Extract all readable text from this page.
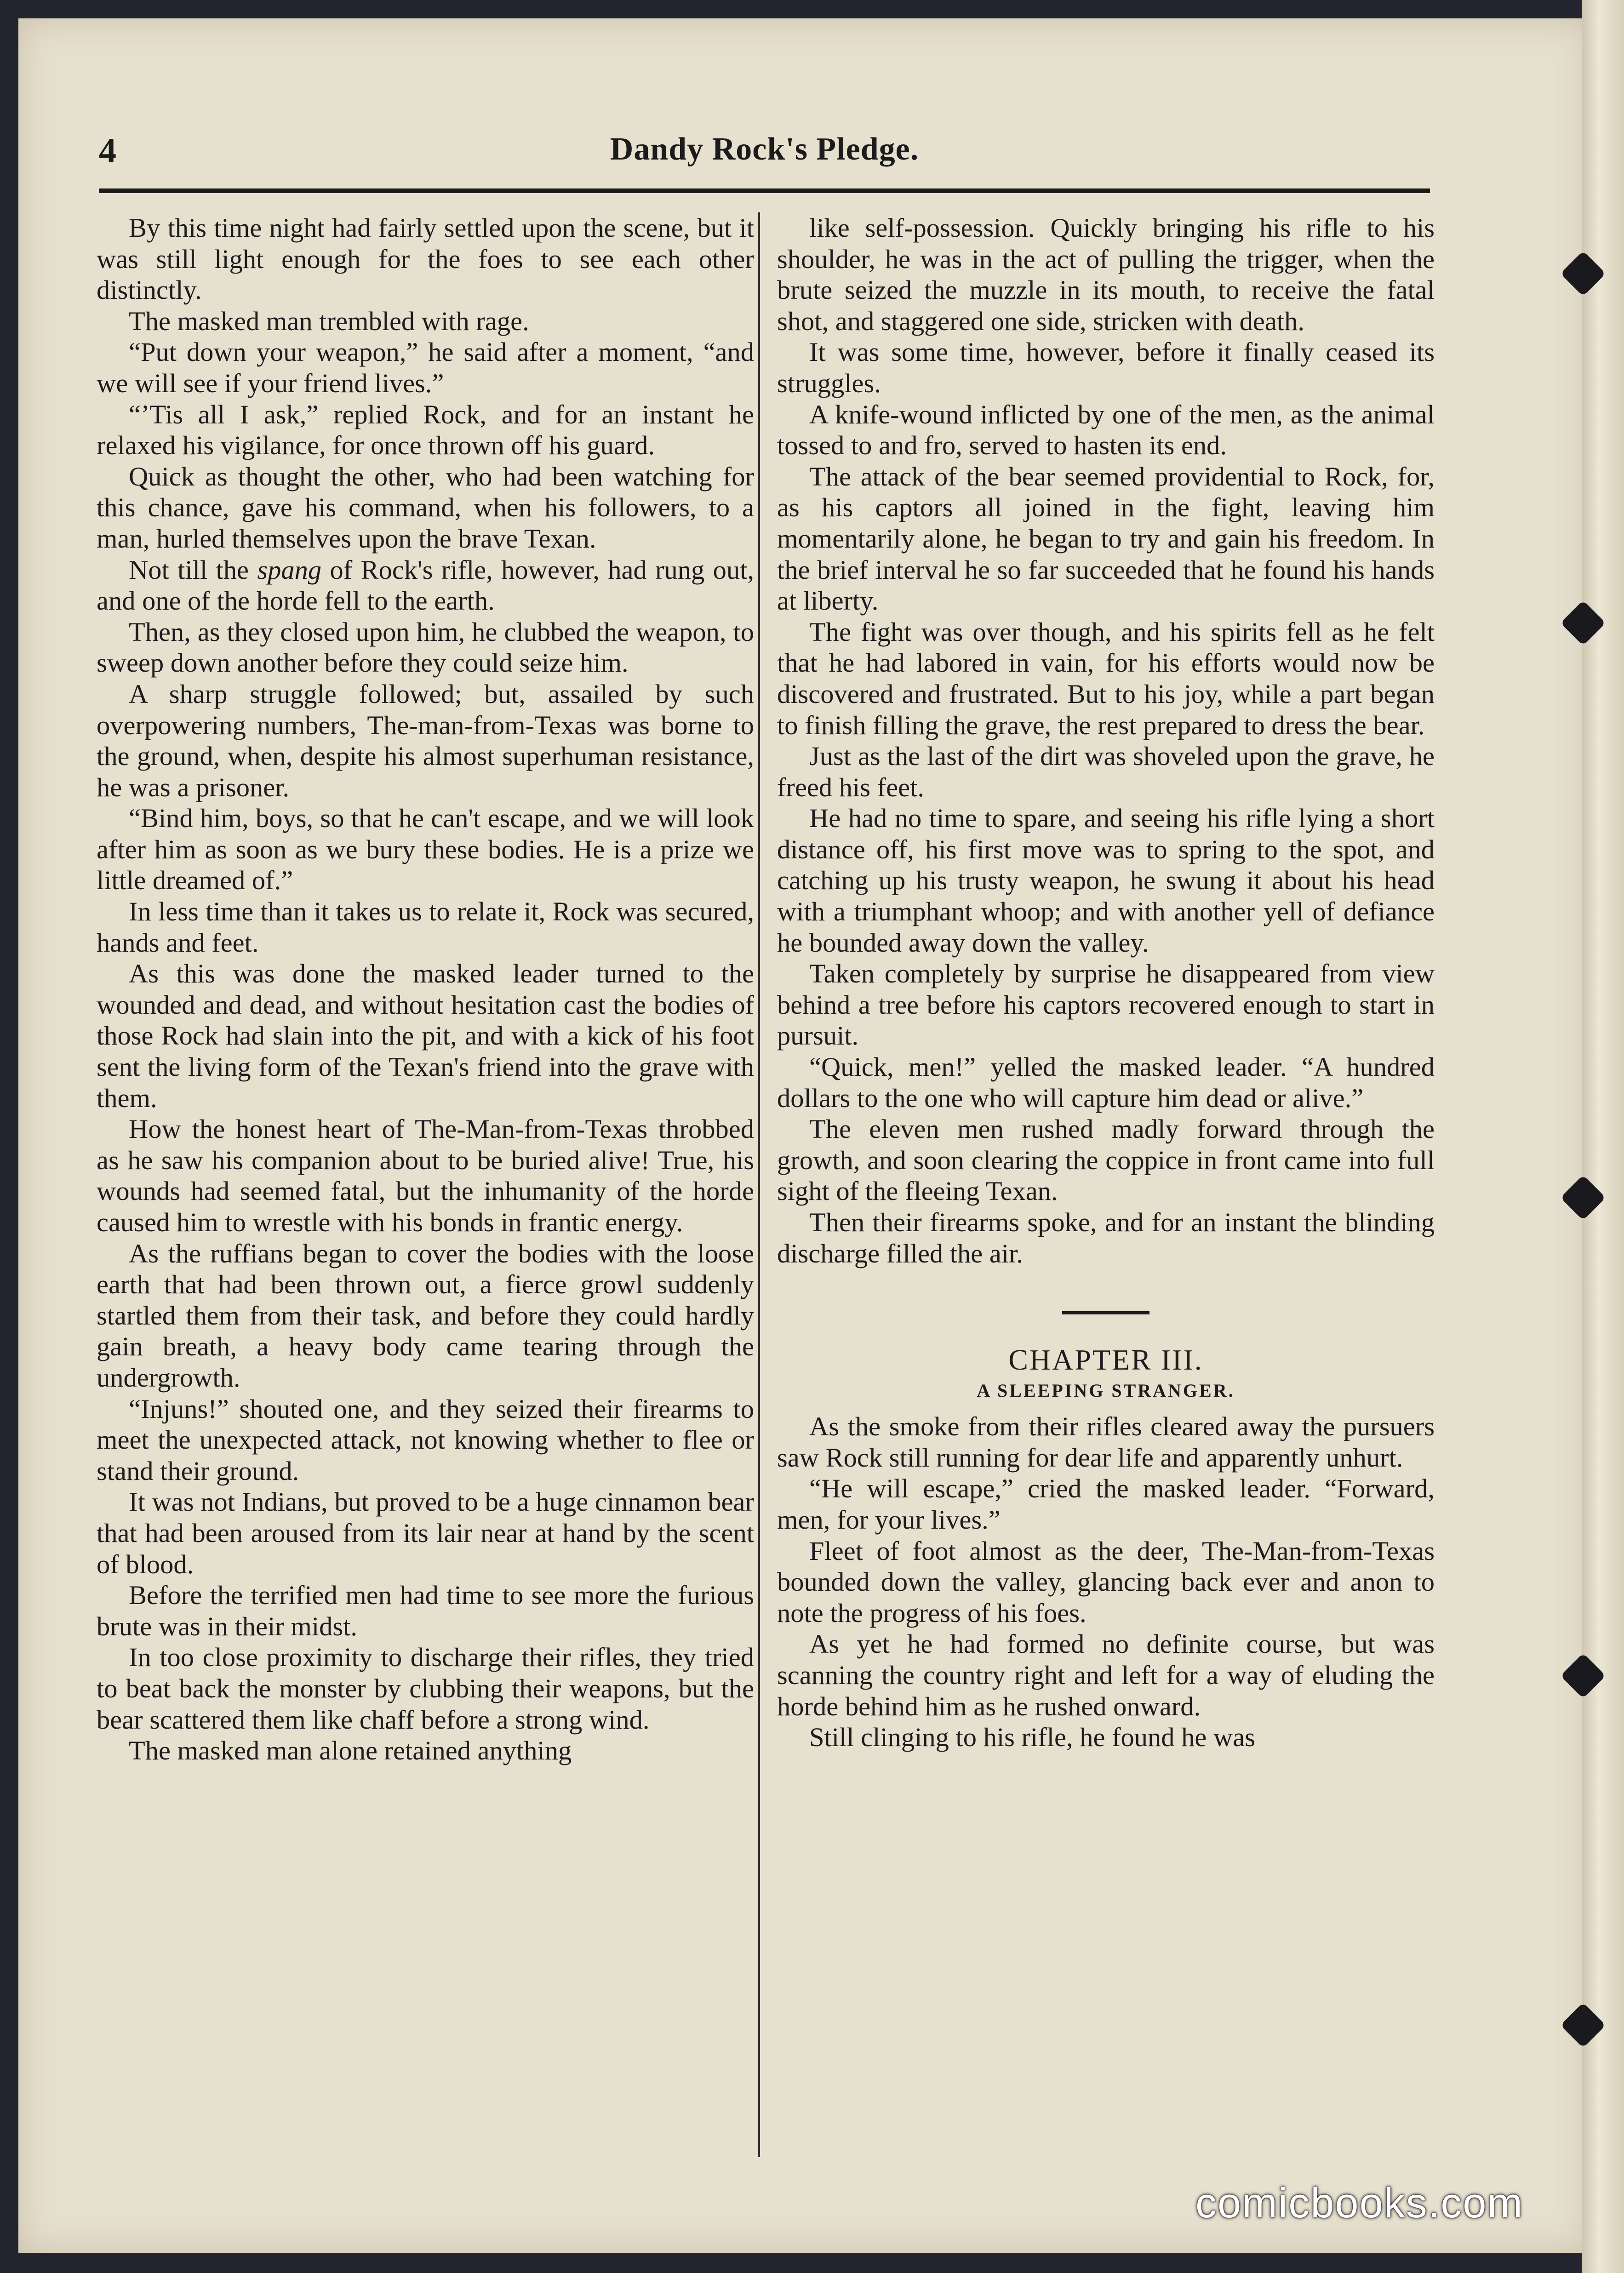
4	Dandy Rock's Pledge.

By this time night had fairly settled upon the scene, but it was still light enough for the foes to see each other distinctly.

The masked man trembled with rage.

“Put down your weapon,” he said after a moment, “and we will see if your friend lives.”

“’Tis all I ask,” replied Rock, and for an instant he relaxed his vigilance, for once thrown off his guard.

Quick as thought the other, who had been watching for this chance, gave his command, when his followers, to a man, hurled themselves upon the brave Texan.

Not till the spang of Rock's rifle, however, had rung out, and one of the horde fell to the earth.

Then, as they closed upon him, he clubbed the weapon, to sweep down another before they could seize him.

A sharp struggle followed; but, assailed by such overpowering numbers, The-man-from-Texas was borne to the ground, when, despite his almost superhuman resistance, he was a prisoner.

“Bind him, boys, so that he can't escape, and we will look after him as soon as we bury these bodies. He is a prize we little dreamed of.”

In less time than it takes us to relate it, Rock was secured, hands and feet.

As this was done the masked leader turned to the wounded and dead, and without hesitation cast the bodies of those Rock had slain into the pit, and with a kick of his foot sent the living form of the Texan's friend into the grave with them.

How the honest heart of The-Man-from-Texas throbbed as he saw his companion about to be buried alive! True, his wounds had seemed fatal, but the inhumanity of the horde caused him to wrestle with his bonds in frantic energy.

As the ruffians began to cover the bodies with the loose earth that had been thrown out, a fierce growl suddenly startled them from their task, and before they could hardly gain breath, a heavy body came tearing through the undergrowth.

“Injuns!” shouted one, and they seized their firearms to meet the unexpected attack, not knowing whether to flee or stand their ground.

It was not Indians, but proved to be a huge cinnamon bear that had been aroused from its lair near at hand by the scent of blood.

Before the terrified men had time to see more the furious brute was in their midst.

In too close proximity to discharge their rifles, they tried to beat back the monster by clubbing their weapons, but the bear scattered them like chaff before a strong wind.

The masked man alone retained anything

like self-possession. Quickly bringing his rifle to his shoulder, he was in the act of pulling the trigger, when the brute seized the muzzle in its mouth, to receive the fatal shot, and staggered one side, stricken with death.

It was some time, however, before it finally ceased its struggles.

A knife-wound inflicted by one of the men, as the animal tossed to and fro, served to hasten its end.

The attack of the bear seemed providential to Rock, for, as his captors all joined in the fight, leaving him momentarily alone, he began to try and gain his freedom. In the brief interval he so far succeeded that he found his hands at liberty.

The fight was over though, and his spirits fell as he felt that he had labored in vain, for his efforts would now be discovered and frustrated. But to his joy, while a part began to finish filling the grave, the rest prepared to dress the bear.

Just as the last of the dirt was shoveled upon the grave, he freed his feet.

He had no time to spare, and seeing his rifle lying a short distance off, his first move was to spring to the spot, and catching up his trusty weapon, he swung it about his head with a triumphant whoop; and with another yell of defiance he bounded away down the valley.

Taken completely by surprise he disappeared from view behind a tree before his captors recovered enough to start in pursuit.

“Quick, men!” yelled the masked leader. “A hundred dollars to the one who will capture him dead or alive.”

The eleven men rushed madly forward through the growth, and soon clearing the coppice in front came into full sight of the fleeing Texan.

Then their firearms spoke, and for an instant the blinding discharge filled the air.

CHAPTER III.

A SLEEPING STRANGER.

As the smoke from their rifles cleared away the pursuers saw Rock still running for dear life and apparently unhurt.

“He will escape,” cried the masked leader. “Forward, men, for your lives.”

Fleet of foot almost as the deer, The-Man-from-Texas bounded down the valley, glancing back ever and anon to note the progress of his foes.

As yet he had formed no definite course, but was scanning the country right and left for a way of eluding the horde behind him as he rushed onward.

Still clinging to his rifle, he found he was

comicbooks.com
